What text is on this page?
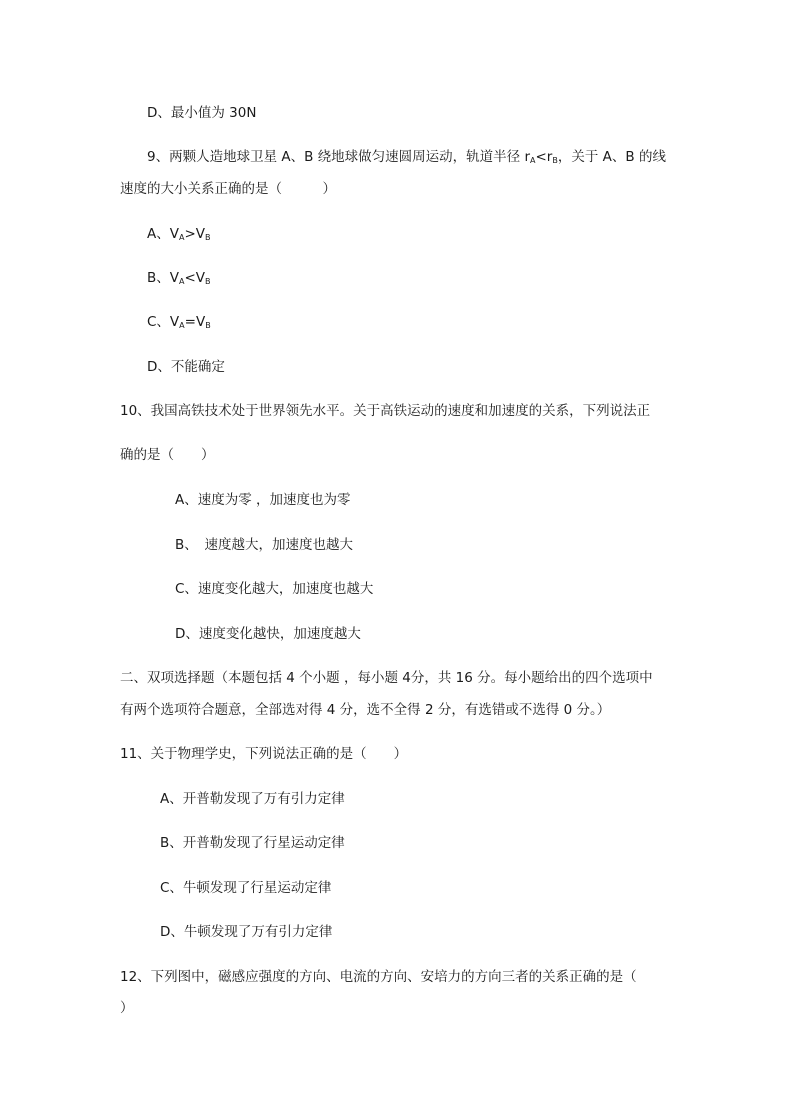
D、最小值为 30N
9、两颗人造地球卫星 A、B 绕地球做匀速圆周运动，轨道半径 $r_A<r_B$，关于 A、B 的线
速度的大小关系正确的是（　　　）
A、$V_A>V_B$
B、$V_A<V_B$
C、$V_A=V_B$
D、不能确定
10、我国高铁技术处于世界领先水平。关于高铁运动的速度和加速度的关系，下列说法正
确的是（　　）
A、速度为零 ，加速度也为零
B、　速度越大，加速度也越大
C、速度变化越大，加速度也越大
D、速度变化越快，加速度越大
二、双项选择题（本题包括 4 个小题 ，每小题 4分，共 16 分。每小题给出的四个选项中
有两个选项符合题意，全部选对得 4 分，选不全得 2 分，有选错或不选得 0 分。）
11、关于物理学史，下列说法正确的是（　　）
A、开普勒发现了万有引力定律
B、开普勒发现了行星运动定律
C、牛顿发现了行星运动定律
D、牛顿发现了万有引力定律
12、下列图中，磁感应强度的方向、电流的方向、安培力的方向三者的关系正确的是（
）
